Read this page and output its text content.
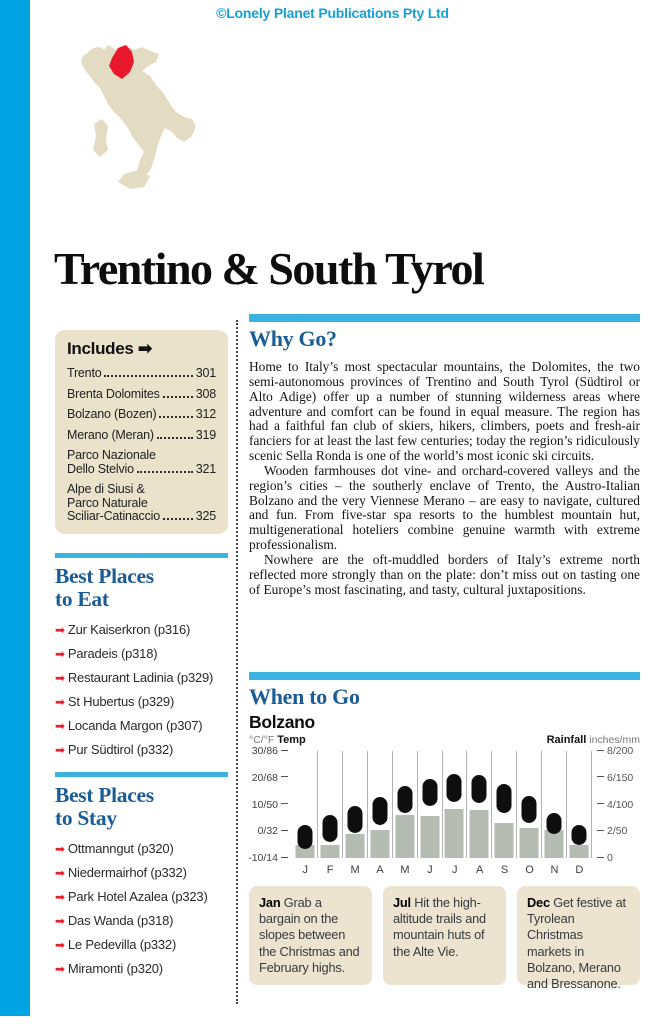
©Lonely Planet Publications Pty Ltd
Trentino & South Tyrol
Includes ➡
Trento	301
Brenta Dolomites	308
Bolzano (Bozen)	312
Merano (Meran)	319
Parco Nazionale
Dello Stelvio	321
Alpe di Siusi &
Parco Naturale
Sciliar-Catinaccio	325
Best Places
to Eat
➡ Zur Kaiserkron (p316)
➡ Paradeis (p318)
➡ Restaurant Ladinia (p329)
➡ St Hubertus (p329)
➡ Locanda Margon (p307)
➡ Pur Südtirol (p332)
Best Places
to Stay
➡ Ottmanngut (p320)
➡ Niedermairhof (p332)
➡ Park Hotel Azalea (p323)
➡ Das Wanda (p318)
➡ Le Pedevilla (p332)
➡ Miramonti (p320)
Why Go?

Home to Italy’s most spectacular mountains, the Dolomites, the two semi-autonomous provinces of Trentino and South Tyrol (Südtirol or Alto Adige) offer up a number of stunning wilderness areas where adventure and comfort can be found in equal measure. The region has had a faithful fan club of skiers, hikers, climbers, poets and fresh-air fanciers for at least the last few centuries; today the region’s ridiculously scenic Sella Ronda is one of the world’s most iconic ski circuits.

Wooden farmhouses dot vine- and orchard-covered valleys and the region’s cities – the southerly enclave of Trento, the Austro-Italian Bolzano and the very Viennese Merano – are easy to navigate, cultured and fun. From five-star spa resorts to the humblest mountain hut, multigenerational hoteliers combine genuine warmth with extreme professionalism.

Nowhere are the oft-muddled borders of Italy’s extreme north reflected more strongly than on the plate: don’t miss out on tasting one of Europe’s most fascinating, and tasty, cultural juxtapositions.

When to Go
Bolzano
°C/°F Temp	Rainfall inches/mm
30/86
20/68
10/50
0/32
-10/14
8/200
6/150
4/100
2/50
0
J	F	M	A	M	J	J	A	S	O	N	D
Jan Grab a bargain on the slopes between the Christmas and February highs.
Jul Hit the high-altitude trails and mountain huts of the Alte Vie.
Dec Get festive at Tyrolean Christmas markets in Bolzano, Merano and Bressanone.
